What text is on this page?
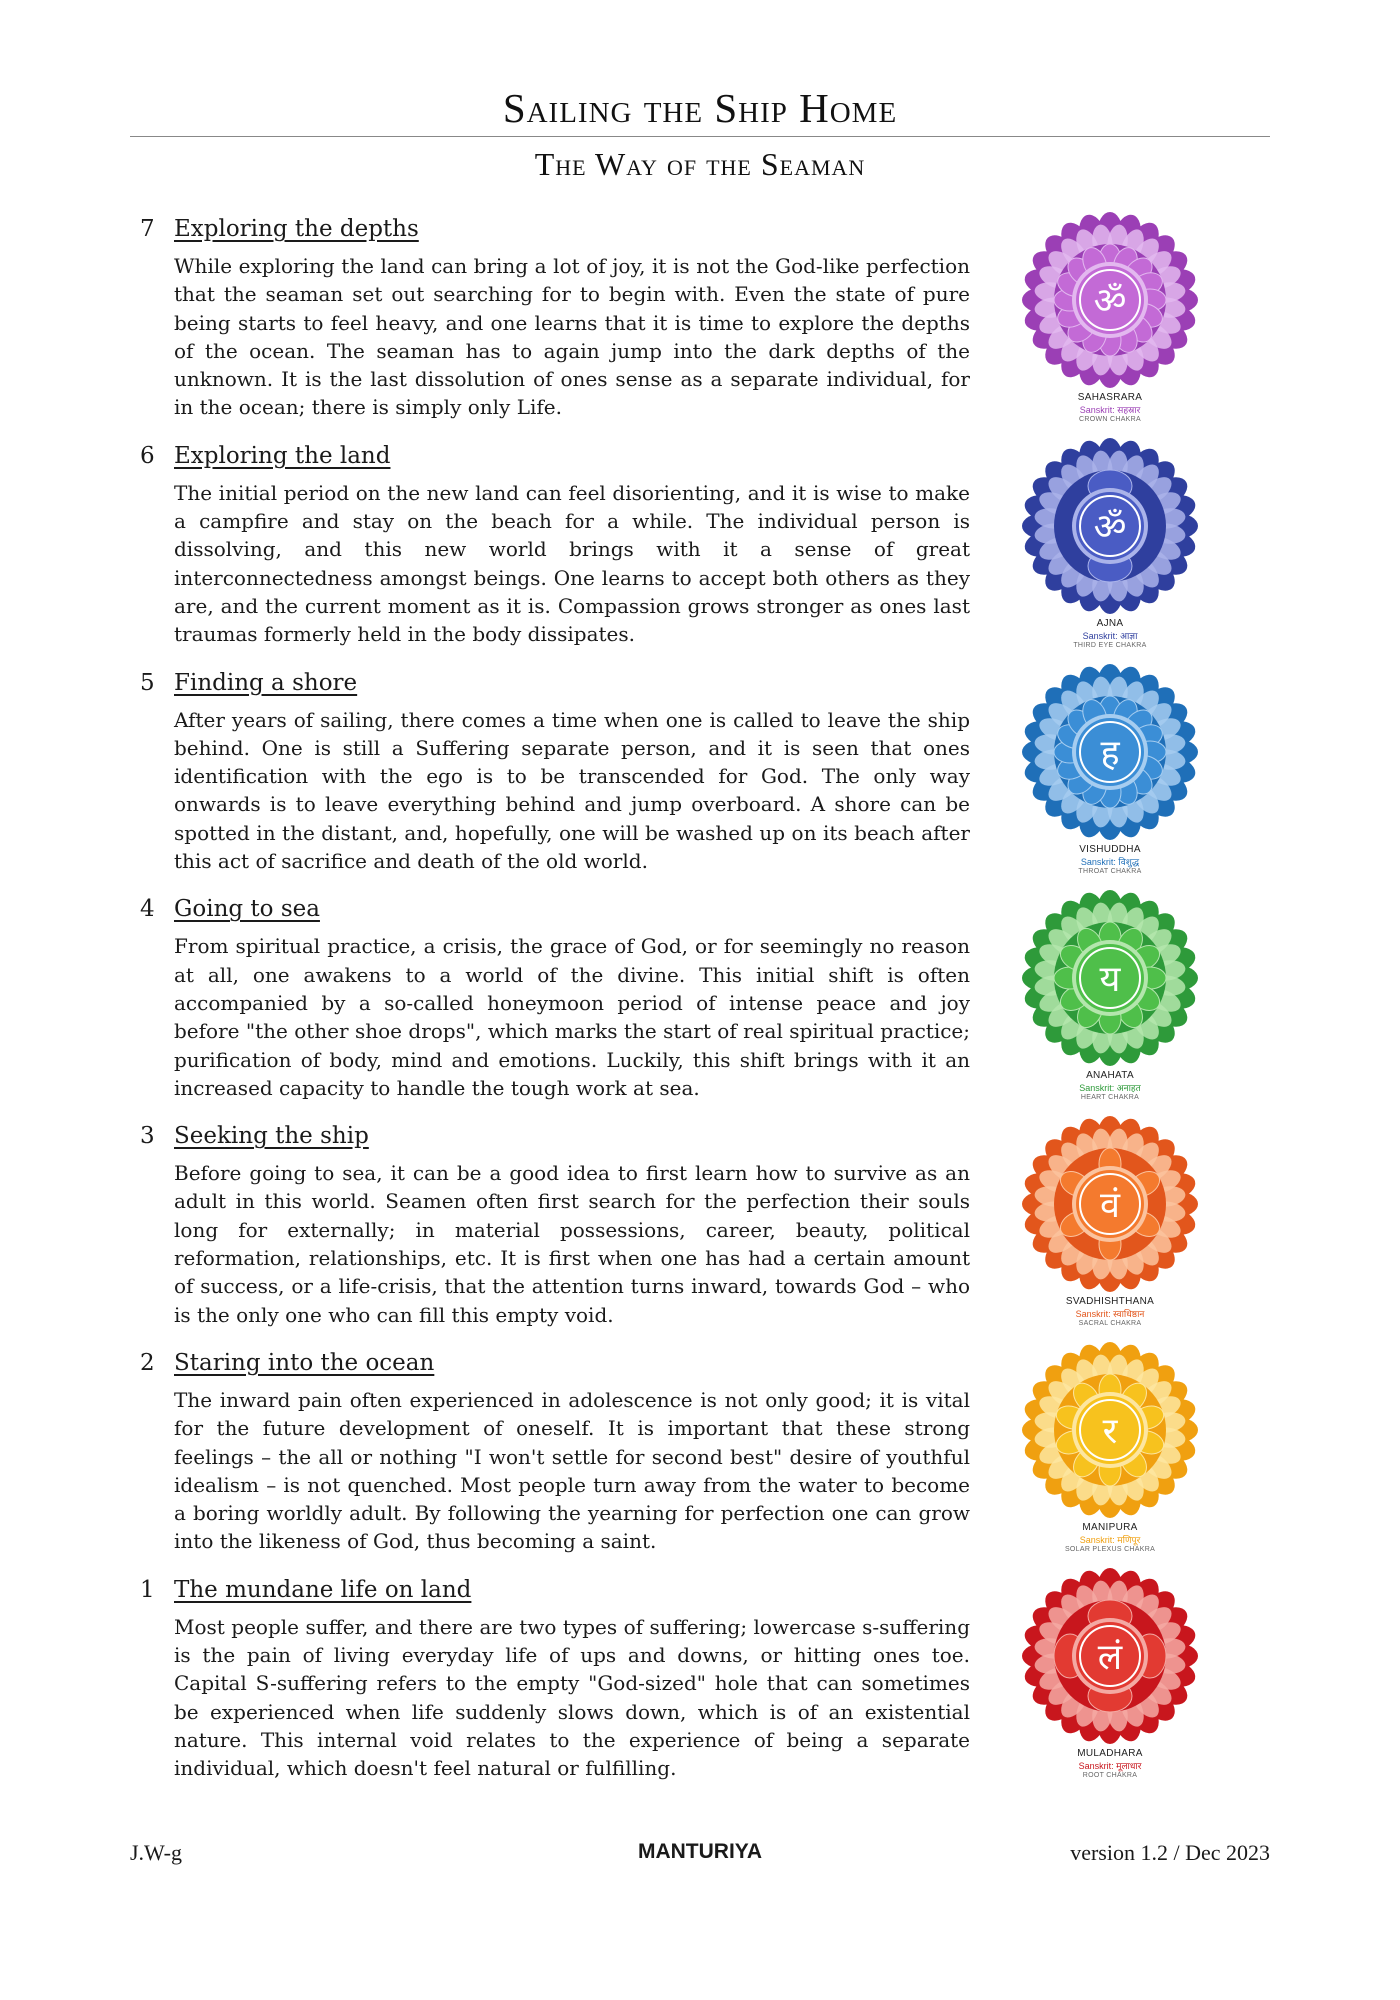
Sailing the Ship Home
The Way of the Seaman
7 Exploring the depths

While exploring the land can bring a lot of joy, it is not the God-like perfection that the seaman set out searching for to begin with. Even the state of pure being starts to feel heavy, and one learns that it is time to explore the depths of the ocean. The seaman has to again jump into the dark depths of the unknown. It is the last dissolution of ones sense as a separate individual, for in the ocean; there is simply only Life.

6 Exploring the land

The initial period on the new land can feel disorienting, and it is wise to make a campfire and stay on the beach for a while. The individual person is dissolving, and this new world brings with it a sense of great interconnectedness amongst beings. One learns to accept both others as they are, and the current moment as it is. Compassion grows stronger as ones last traumas formerly held in the body dissipates.

5 Finding a shore

After years of sailing, there comes a time when one is called to leave the ship behind. One is still a Suffering separate person, and it is seen that ones identification with the ego is to be transcended for God. The only way onwards is to leave everything behind and jump overboard. A shore can be spotted in the distant, and, hopefully, one will be washed up on its beach after this act of sacrifice and death of the old world.

4 Going to sea

From spiritual practice, a crisis, the grace of God, or for seemingly no reason at all, one awakens to a world of the divine. This initial shift is often accompanied by a so-called honeymoon period of intense peace and joy before "the other shoe drops", which marks the start of real spiritual practice; purification of body, mind and emotions. Luckily, this shift brings with it an increased capacity to handle the tough work at sea.

3 Seeking the ship

Before going to sea, it can be a good idea to first learn how to survive as an adult in this world. Seamen often first search for the perfection their souls long for externally; in material possessions, career, beauty, political reformation, relationships, etc. It is first when one has had a certain amount of success, or a life-crisis, that the attention turns inward, towards God – who is the only one who can fill this empty void.

2 Staring into the ocean

The inward pain often experienced in adolescence is not only good; it is vital for the future development of oneself. It is important that these strong feelings – the all or nothing "I won't settle for second best" desire of youthful idealism – is not quenched. Most people turn away from the water to become a boring worldly adult. By following the yearning for perfection one can grow into the likeness of God, thus becoming a saint.

1 The mundane life on land

Most people suffer, and there are two types of suffering; lowercase s-suffering is the pain of living everyday life of ups and downs, or hitting ones toe. Capital S-suffering refers to the empty "God-sized" hole that can sometimes be experienced when life suddenly slows down, which is of an existential nature. This internal void relates to the experience of being a separate individual, which doesn't feel natural or fulfilling.

ॐ
SAHASRARA
Sanskrit: सहस्रार
CROWN CHAKRA
ॐ
AJNA
Sanskrit: आज्ञा
THIRD EYE CHAKRA
ह
VISHUDDHA
Sanskrit: विशुद्ध
THROAT CHAKRA
य
ANAHATA
Sanskrit: अनाहत
HEART CHAKRA
वं
SVADHISHTHANA
Sanskrit: स्वाधिष्ठान
SACRAL CHAKRA
र
MANIPURA
Sanskrit: मणिपूर
SOLAR PLEXUS CHAKRA
लं
MULADHARA
Sanskrit: मूलाधार
ROOT CHAKRA
J.W-g	MANTURIYA	version 1.2 / Dec 2023
